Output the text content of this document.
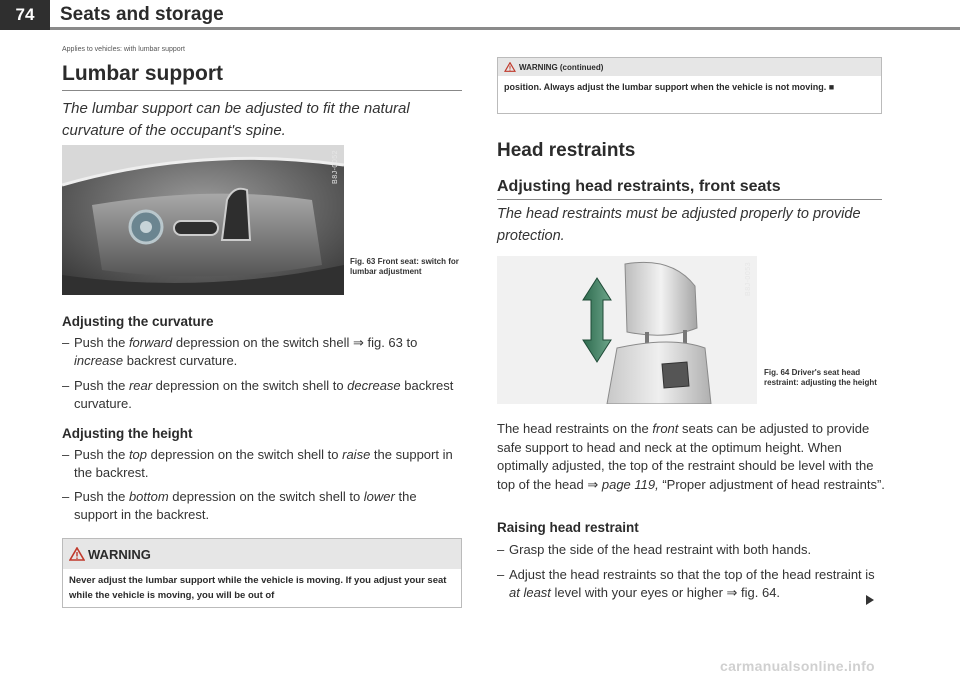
74	Seats and storage
Applies to vehicles: with lumbar support
Lumbar support
The lumbar support can be adjusted to fit the natural curvature of the occupant's spine.
B8J-0052
Fig. 63 Front seat: switch for lumbar adjustment
Adjusting the curvature
– Push the forward depression on the switch shell ⇒ fig. 63 to increase backrest curvature.
– Push the rear depression on the switch shell to decrease backrest curvature.
Adjusting the height
– Push the top depression on the switch shell to raise the support in the backrest.
– Push the bottom depression on the switch shell to lower the support in the backrest.
WARNING
Never adjust the lumbar support while the vehicle is moving. If you adjust your seat while the vehicle is moving, you will be out of
WARNING (continued)
position. Always adjust the lumbar support when the vehicle is not moving. ■
Head restraints
Adjusting head restraints, front seats
The head restraints must be adjusted properly to provide protection.
B8J-0053
Fig. 64 Driver's seat head restraint: adjusting the height
The head restraints on the front seats can be adjusted to provide safe support to head and neck at the optimum height. When optimally adjusted, the top of the restraint should be level with the top of the head ⇒ page 119, “Proper adjustment of head restraints”.
Raising head restraint
– Grasp the side of the head restraint with both hands.
– Adjust the head restraints so that the top of the head restraint is at least level with your eyes or higher ⇒ fig. 64.
carmanualsonline.info
